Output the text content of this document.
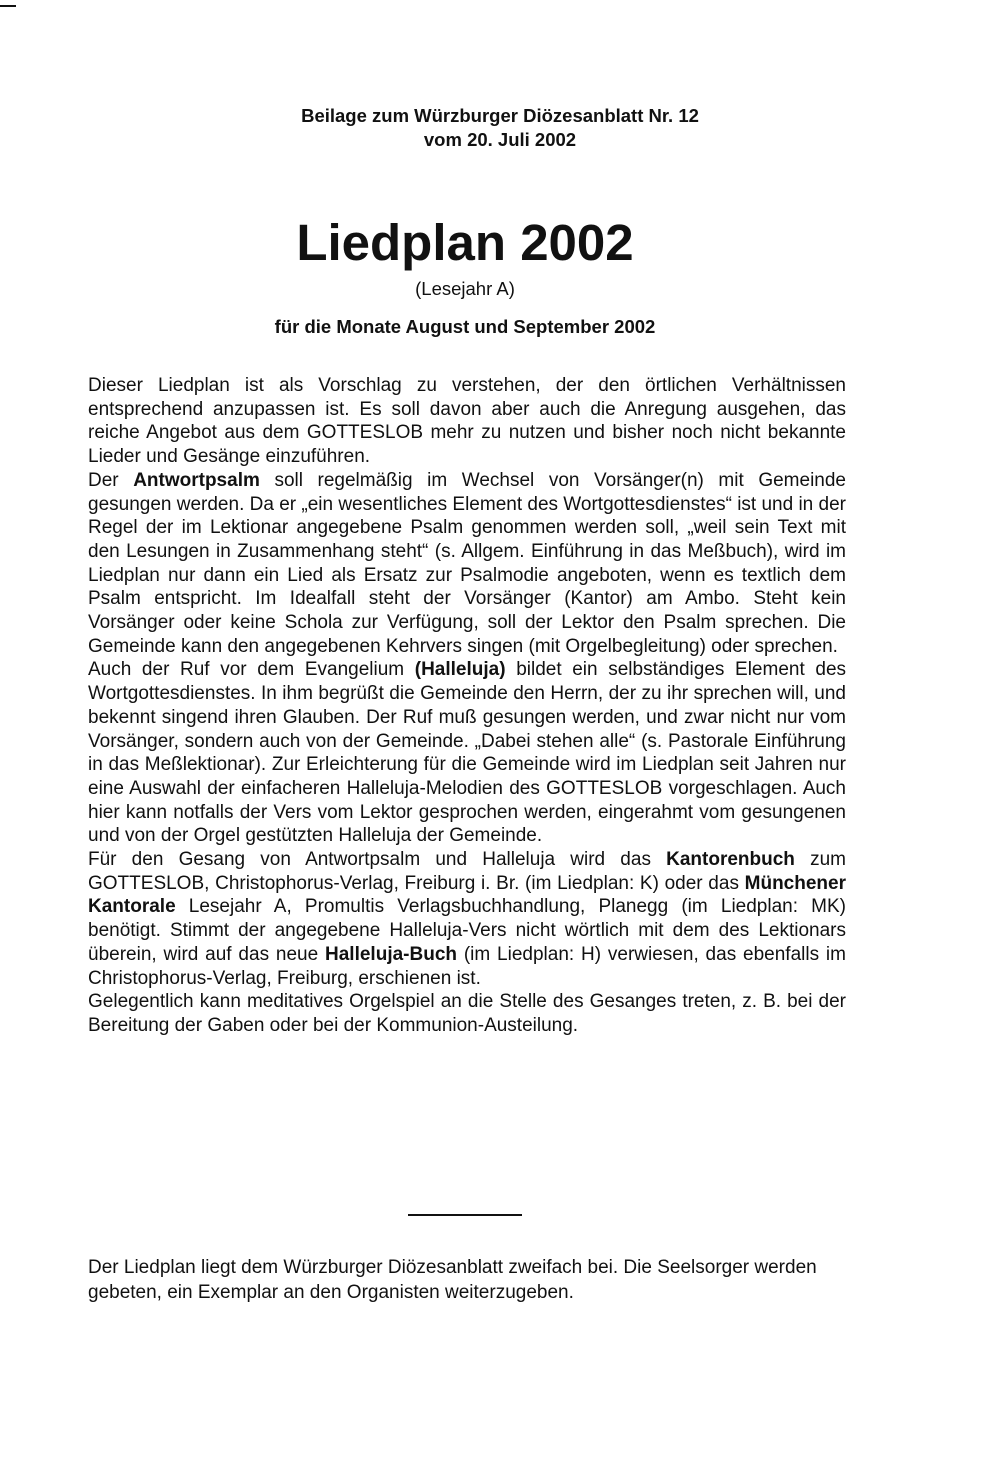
Beilage zum Würzburger Diözesanblatt Nr. 12
vom 20. Juli 2002
Liedplan 2002
(Lesejahr A)
für die Monate August und September 2002

Dieser Liedplan ist als Vorschlag zu verstehen, der den örtlichen Verhältnissen entsprechend anzupassen ist. Es soll davon aber auch die Anregung ausgehen, das reiche Angebot aus dem GOTTESLOB mehr zu nutzen und bisher noch nicht bekannte Lieder und Gesänge einzuführen.

Der Antwortpsalm soll regelmäßig im Wechsel von Vorsänger(n) mit Gemeinde gesungen werden. Da er „ein wesentliches Element des Wortgottesdienstes“ ist und in der Regel der im Lektionar angegebene Psalm genommen werden soll, „weil sein Text mit den Lesungen in Zusammenhang steht“ (s. Allgem. Einführung in das Meßbuch), wird im Liedplan nur dann ein Lied als Ersatz zur Psalmodie angeboten, wenn es textlich dem Psalm entspricht. Im Idealfall steht der Vorsänger (Kantor) am Ambo. Steht kein Vorsänger oder keine Schola zur Verfügung, soll der Lektor den Psalm sprechen. Die Gemeinde kann den angegebenen Kehrvers singen (mit Orgelbegleitung) oder sprechen.

Auch der Ruf vor dem Evangelium (Halleluja) bildet ein selbständiges Element des Wortgottesdienstes. In ihm begrüßt die Gemeinde den Herrn, der zu ihr sprechen will, und bekennt singend ihren Glauben. Der Ruf muß gesungen werden, und zwar nicht nur vom Vorsänger, sondern auch von der Gemeinde. „Dabei stehen alle“ (s. Pastorale Einführung in das Meßlektionar). Zur Erleichterung für die Gemeinde wird im Liedplan seit Jahren nur eine Auswahl der einfacheren Halleluja-Melodien des GOTTESLOB vorgeschlagen. Auch hier kann notfalls der Vers vom Lektor gesprochen werden, eingerahmt vom gesungenen und von der Orgel gestützten Halleluja der Gemeinde.

Für den Gesang von Antwortpsalm und Halleluja wird das Kantorenbuch zum GOTTESLOB, Christophorus-Verlag, Freiburg i. Br. (im Liedplan: K) oder das Münchener Kantorale Lesejahr A, Promultis Verlagsbuchhandlung, Planegg (im Liedplan: MK) benötigt. Stimmt der angegebene Halleluja-Vers nicht wörtlich mit dem des Lektionars überein, wird auf das neue Halleluja-Buch (im Liedplan: H) verwiesen, das ebenfalls im Christophorus-Verlag, Freiburg, erschienen ist.

Gelegentlich kann meditatives Orgelspiel an die Stelle des Gesanges treten, z. B. bei der Bereitung der Gaben oder bei der Kommunion-Austeilung.

Der Liedplan liegt dem Würzburger Diözesanblatt zweifach bei. Die Seelsorger werden gebeten, ein Exemplar an den Organisten weiterzugeben.
